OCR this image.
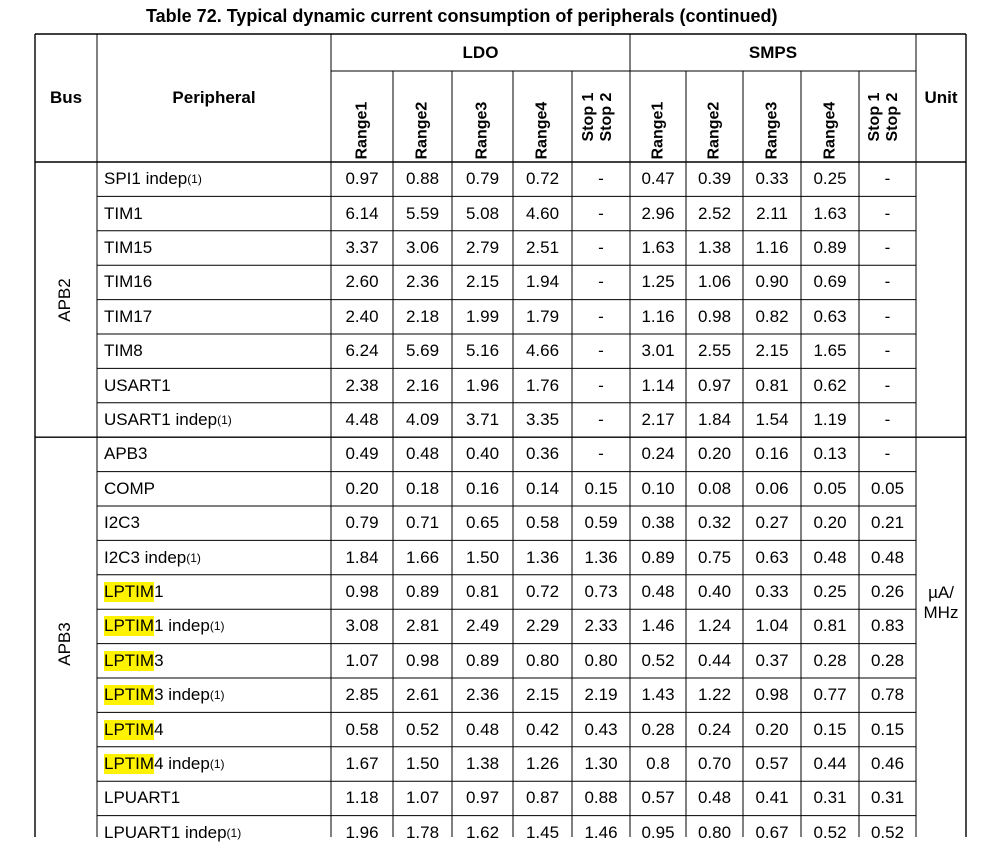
Table 72. Typical dynamic current consumption of peripherals (continued)
Bus	Peripheral
LDO	SMPS
Unit
Range1	Range2	Range3	Range4	Stop 1 Stop 2	Range1	Range2	Range3	Range4	Stop 1 Stop 2
SPI1 indep (1)	0.97	0.88	0.79	0.72	-	0.47	0.39	0.33	0.25	-
TIM1	6.14	5.59	5.08	4.60	-	2.96	2.52	2.11	1.63	-
TIM15	3.37	3.06	2.79	2.51	-	1.63	1.38	1.16	0.89	-
TIM16	2.60	2.36	2.15	1.94	-	1.25	1.06	0.90	0.69	-
TIM17	2.40	2.18	1.99	1.79	-	1.16	0.98	0.82	0.63	-
TIM8	6.24	5.69	5.16	4.66	-	3.01	2.55	2.15	1.65	-
USART1	2.38	2.16	1.96	1.76	-	1.14	0.97	0.81	0.62	-
USART1 indep (1)	4.48	4.09	3.71	3.35	-	2.17	1.84	1.54	1.19	-
APB2
APB3	0.49	0.48	0.40	0.36	-	0.24	0.20	0.16	0.13	-
COMP	0.20	0.18	0.16	0.14	0.15	0.10	0.08	0.06	0.05	0.05
I2C3	0.79	0.71	0.65	0.58	0.59	0.38	0.32	0.27	0.20	0.21
I2C3 indep (1)	1.84	1.66	1.50	1.36	1.36	0.89	0.75	0.63	0.48	0.48
LPTIM 1	0.98	0.89	0.81	0.72	0.73	0.48	0.40	0.33	0.25	0.26
LPTIM 1 indep (1)	3.08	2.81	2.49	2.29	2.33	1.46	1.24	1.04	0.81	0.83
LPTIM 3	1.07	0.98	0.89	0.80	0.80	0.52	0.44	0.37	0.28	0.28
LPTIM 3 indep (1)	2.85	2.61	2.36	2.15	2.19	1.43	1.22	0.98	0.77	0.78
LPTIM 4	0.58	0.52	0.48	0.42	0.43	0.28	0.24	0.20	0.15	0.15
LPTIM 4 indep (1)	1.67	1.50	1.38	1.26	1.30	0.8	0.70	0.57	0.44	0.46
LPUART1	1.18	1.07	0.97	0.87	0.88	0.57	0.48	0.41	0.31	0.31
LPUART1 indep (1)	1.96	1.78	1.62	1.45	1.46	0.95	0.80	0.67	0.52	0.52
APB3
µA/ MHz
